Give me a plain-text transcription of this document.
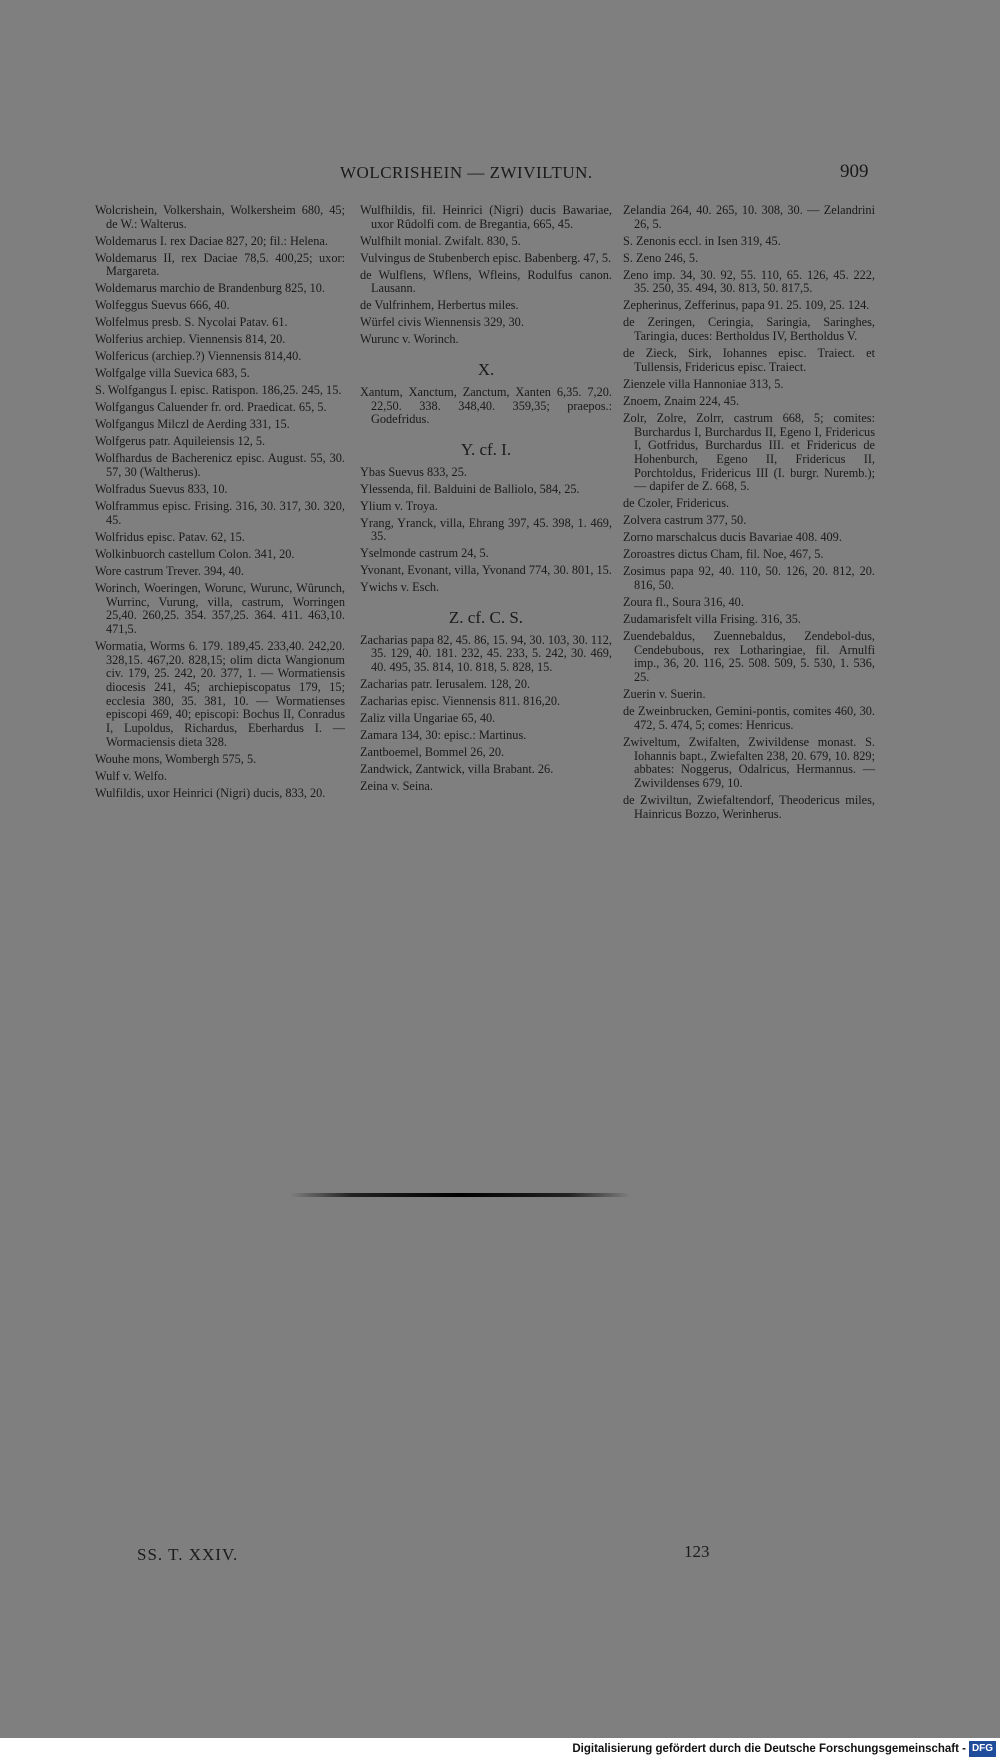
WOLCRISHEIN — ZWIVILTUN.	909

Wolcrishein, Volkershain, Wolkersheim 680, 45; de W.: Walterus.

Woldemarus I. rex Daciae 827, 20; fil.: Helena.

Woldemarus II, rex Daciae 78,5. 400,25; uxor: Margareta.

Woldemarus marchio de Brandenburg 825, 10.

Wolfeggus Suevus 666, 40.

Wolfelmus presb. S. Nycolai Patav. 61.

Wolferius archiep. Viennensis 814, 20.

Wolfericus (archiep.?) Viennensis 814,40.

Wolfgalge villa Suevica 683, 5.

S. Wolfgangus I. episc. Ratispon. 186,25. 245, 15.

Wolfgangus Caluender fr. ord. Praedicat. 65, 5.

Wolfgangus Milczl de Aerding 331, 15.

Wolfgerus patr. Aquileiensis 12, 5.

Wolfhardus de Bacherenicz episc. August. 55, 30. 57, 30 (Waltherus).

Wolfradus Suevus 833, 10.

Wolframmus episc. Frising. 316, 30. 317, 30. 320, 45.

Wolfridus episc. Patav. 62, 15.

Wolkinbuorch castellum Colon. 341, 20.

Wore castrum Trever. 394, 40.

Worinch, Woeringen, Worunc, Wurunc, Wûrunch, Wurrinc, Vurung, villa, castrum, Worringen 25,40. 260,25. 354. 357,25. 364. 411. 463,10. 471,5.

Wormatia, Worms 6. 179. 189,45. 233,40. 242,20. 328,15. 467,20. 828,15; olim dicta Wangionum civ. 179, 25. 242, 20. 377, 1. — Wormatiensis diocesis 241, 45; archiepiscopatus 179, 15; ecclesia 380, 35. 381, 10. — Wormatienses episcopi 469, 40; episcopi: Bochus II, Conradus I, Lupoldus, Richardus, Eberhardus I. — Wormaciensis dieta 328.

Wouhe mons, Wombergh 575, 5.

Wulf v. Welfo.

Wulfildis, uxor Heinrici (Nigri) ducis, 833, 20.

Wulfhildis, fil. Heinrici (Nigri) ducis Bawariae, uxor Rûdolfi com. de Bregantia, 665, 45.

Wulfhilt monial. Zwifalt. 830, 5.

Vulvingus de Stubenberch episc. Babenberg. 47, 5.

de Wulflens, Wflens, Wfleins, Rodulfus canon. Lausann.

de Vulfrinhem, Herbertus miles.

Würfel civis Wiennensis 329, 30.

Wurunc v. Worinch.

X.

Xantum, Xanctum, Zanctum, Xanten 6,35. 7,20. 22,50. 338. 348,40. 359,35; praepos.: Godefridus.

Y. cf. I.

Ybas Suevus 833, 25.

Ylessenda, fil. Balduini de Balliolo, 584, 25.

Ylium v. Troya.

Yrang, Yranck, villa, Ehrang 397, 45. 398, 1. 469, 35.

Yselmonde castrum 24, 5.

Yvonant, Evonant, villa, Yvonand 774, 30. 801, 15.

Ywichs v. Esch.

Z. cf. C. S.

Zacharias papa 82, 45. 86, 15. 94, 30. 103, 30. 112, 35. 129, 40. 181. 232, 45. 233, 5. 242, 30. 469, 40. 495, 35. 814, 10. 818, 5. 828, 15.

Zacharias patr. Ierusalem. 128, 20.

Zacharias episc. Viennensis 811. 816,20.

Zaliz villa Ungariae 65, 40.

Zamara 134, 30: episc.: Martinus.

Zantboemel, Bommel 26, 20.

Zandwick, Zantwick, villa Brabant. 26.

Zeina v. Seina.

Zelandia 264, 40. 265, 10. 308, 30. — Zelandrini 26, 5.

S. Zenonis eccl. in Isen 319, 45.

S. Zeno 246, 5.

Zeno imp. 34, 30. 92, 55. 110, 65. 126, 45. 222, 35. 250, 35. 494, 30. 813, 50. 817,5.

Zepherinus, Zefferinus, papa 91. 25. 109, 25. 124.

de Zeringen, Ceringia, Saringia, Saringhes, Taringia, duces: Bertholdus IV, Bertholdus V.

de Zieck, Sirk, Iohannes episc. Traiect. et Tullensis, Fridericus episc. Traiect.

Zienzele villa Hannoniae 313, 5.

Znoem, Znaim 224, 45.

Zolr, Zolre, Zolrr, castrum 668, 5; comites: Burchardus I, Burchardus II, Egeno I, Fridericus I, Gotfridus, Burchardus III. et Fridericus de Hohenburch, Egeno II, Fridericus II, Porchtoldus, Fridericus III (I. burgr. Nuremb.); — dapifer de Z. 668, 5.

de Czoler, Fridericus.

Zolvera castrum 377, 50.

Zorno marschalcus ducis Bavariae 408. 409.

Zoroastres dictus Cham, fil. Noe, 467, 5.

Zosimus papa 92, 40. 110, 50. 126, 20. 812, 20. 816, 50.

Zoura fl., Soura 316, 40.

Zudamarisfelt villa Frising. 316, 35.

Zuendebaldus, Zuennebaldus, Zendebol-dus, Cendebubous, rex Lotharingiae, fil. Arnulfi imp., 36, 20. 116, 25. 508. 509, 5. 530, 1. 536, 25.

Zuerin v. Suerin.

de Zweinbrucken, Gemini-pontis, comites 460, 30. 472, 5. 474, 5; comes: Henricus.

Zwiveltum, Zwifalten, Zwivildense monast. S. Iohannis bapt., Zwiefalten 238, 20. 679, 10. 829; abbates: Noggerus, Odalricus, Hermannus. — Zwivildenses 679, 10.

de Zwiviltun, Zwiefaltendorf, Theodericus miles, Hainricus Bozzo, Werinherus.

SS. T. XXIV.	123
Digitalisierung gefördert durch die Deutsche Forschungsgemeinschaft - DFG
